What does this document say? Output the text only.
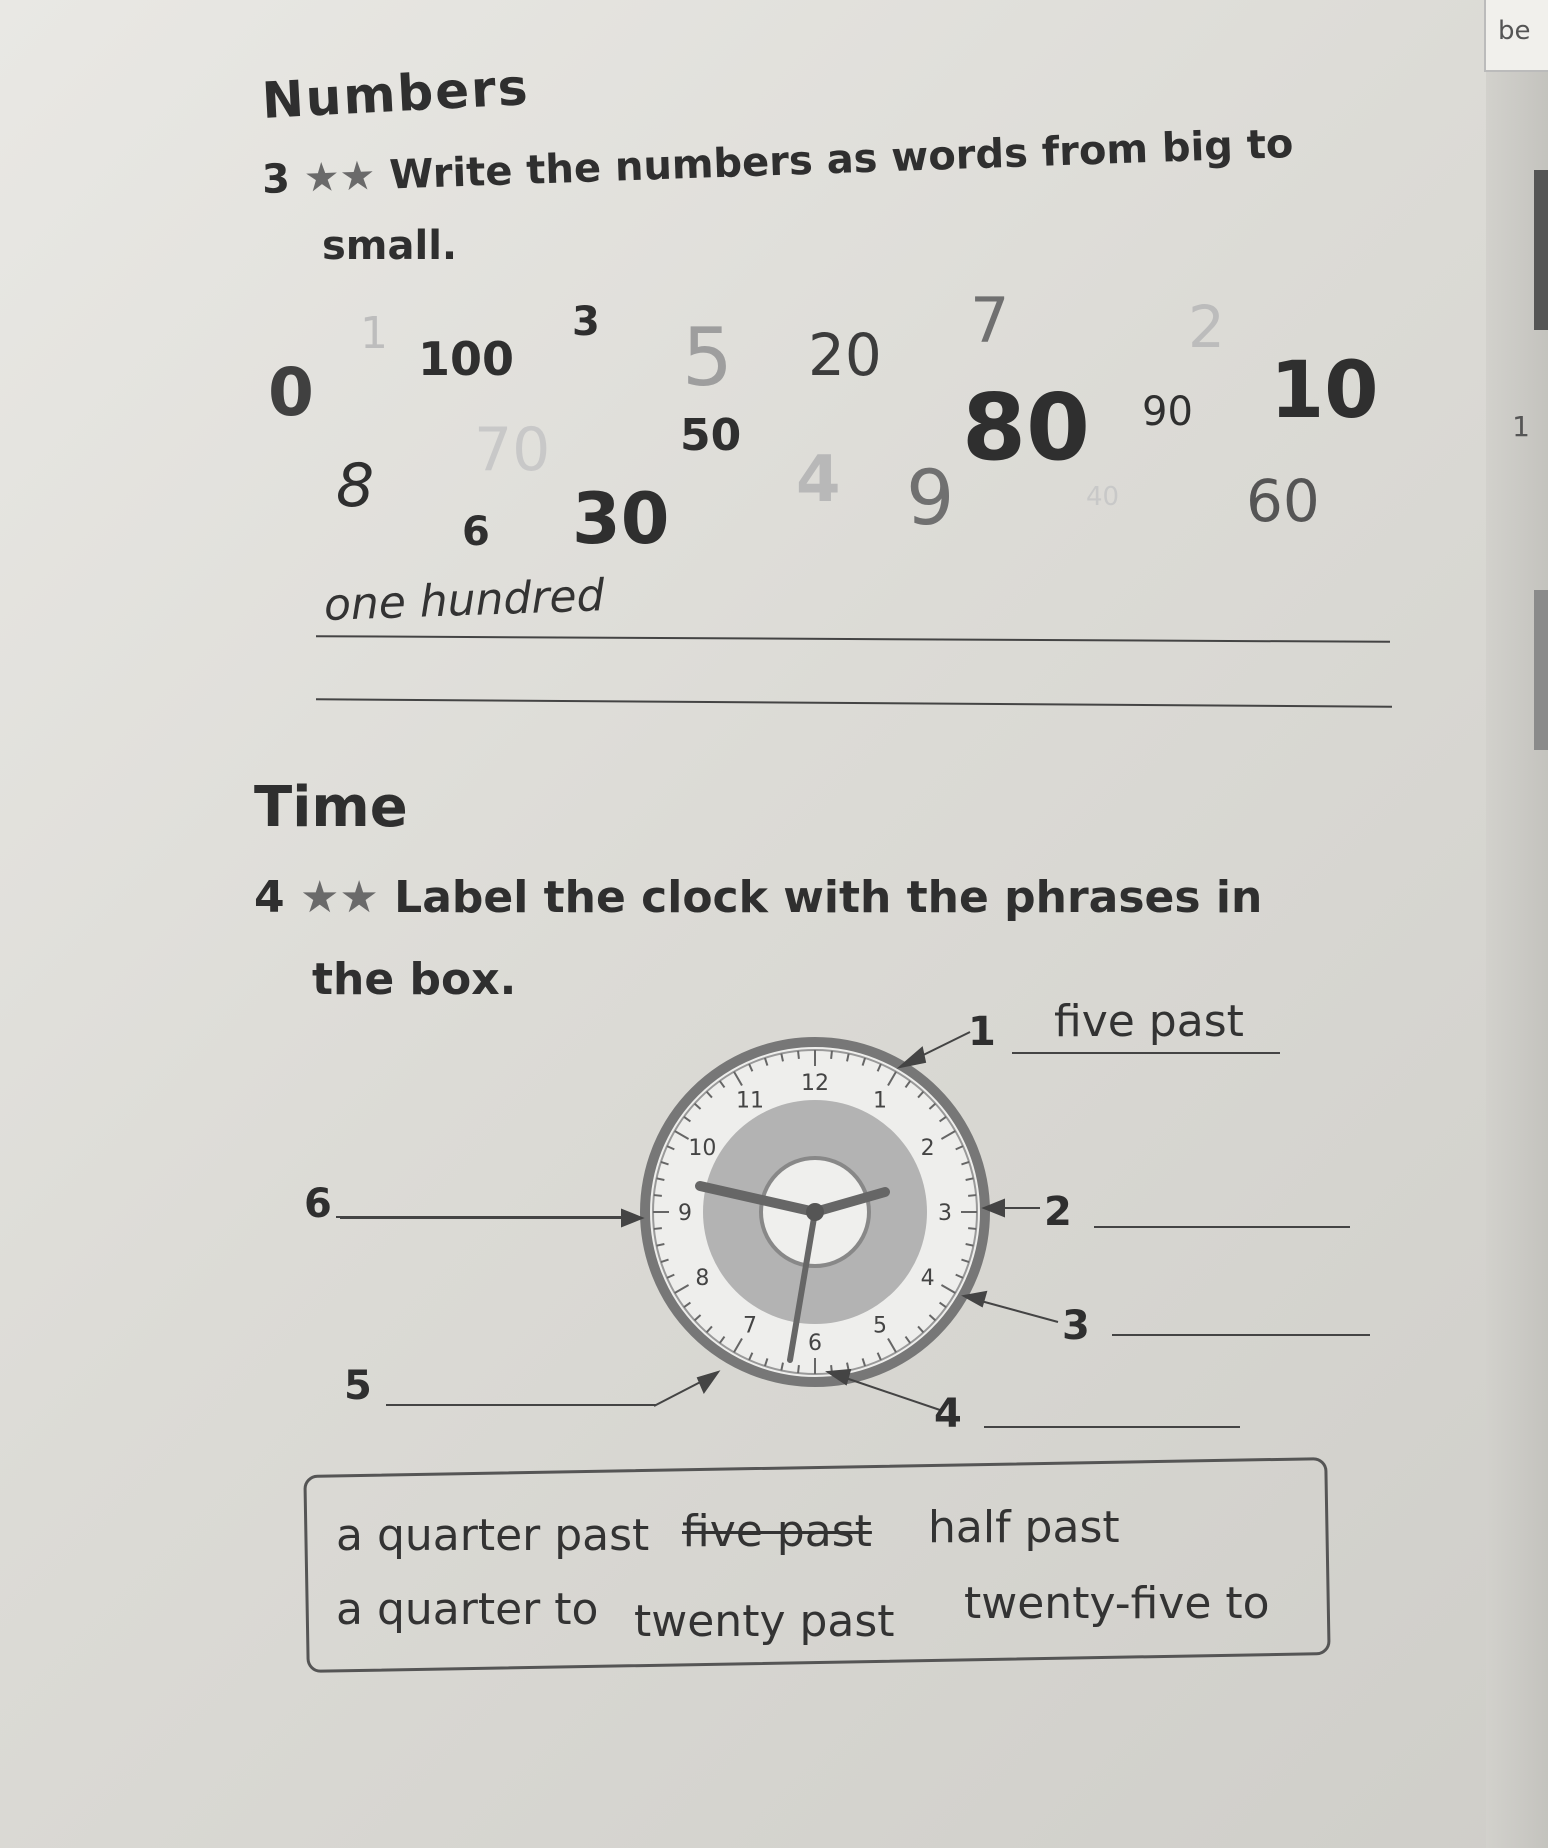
be
1
Numbers
3 ★★ Write the numbers as words from big to
small.
1 100
3 5 20 7	2
0	10
80 90
70	50
8	4 9	40 60
6 30
one hundred
Time
4 ★★ Label the clock with the phrases in
the box.
12
1
2
3
4
5
6
7
8
9
10
11
1 five past
2
3
4
5
6
a quarter past five past half past
a quarter to twenty past twenty-five to
